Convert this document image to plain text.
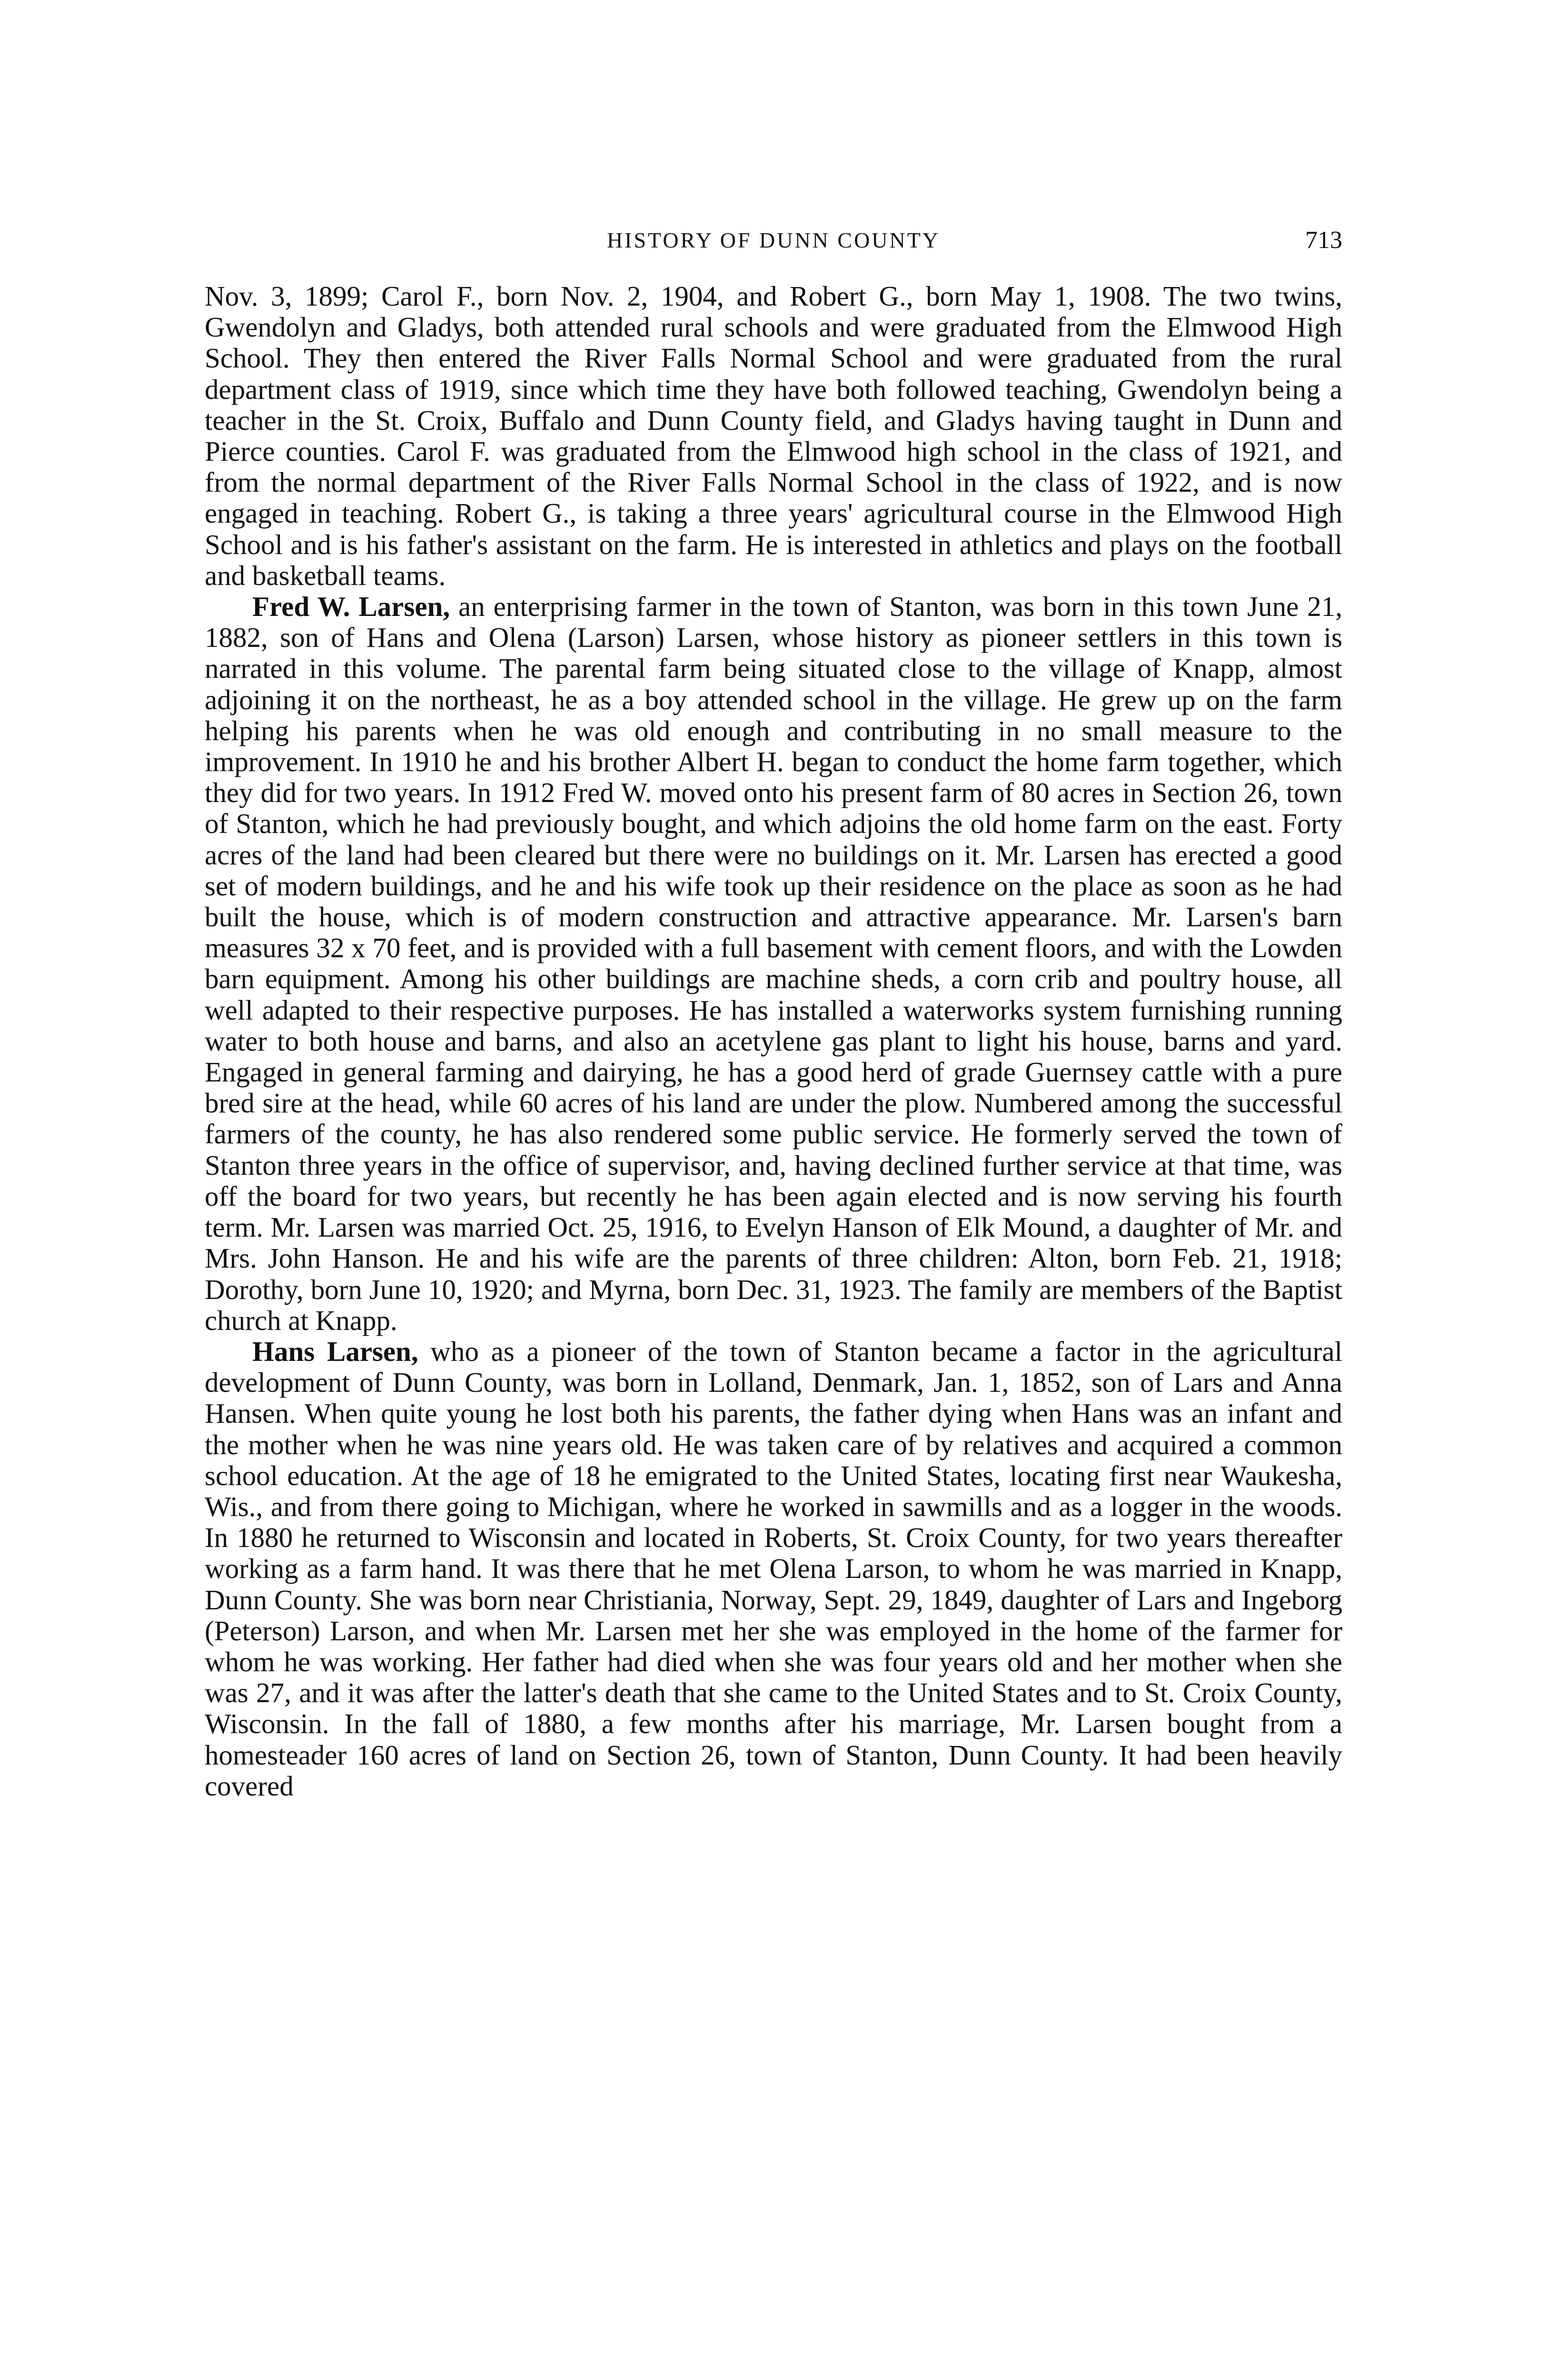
HISTORY OF DUNN COUNTY	713

Nov. 3, 1899; Carol F., born Nov. 2, 1904, and Robert G., born May 1, 1908. The two twins, Gwendolyn and Gladys, both attended rural schools and were graduated from the Elmwood High School. They then entered the River Falls Normal School and were graduated from the rural department class of 1919, since which time they have both followed teaching, Gwendolyn being a teacher in the St. Croix, Buffalo and Dunn County field, and Gladys having taught in Dunn and Pierce counties. Carol F. was graduated from the Elmwood high school in the class of 1921, and from the normal department of the River Falls Normal School in the class of 1922, and is now engaged in teaching. Robert G., is taking a three years' agricultural course in the Elmwood High School and is his father's assistant on the farm. He is interested in athletics and plays on the football and basketball teams.

Fred W. Larsen, an enterprising farmer in the town of Stanton, was born in this town June 21, 1882, son of Hans and Olena (Larson) Larsen, whose history as pioneer settlers in this town is narrated in this volume. The parental farm being situated close to the village of Knapp, almost adjoining it on the northeast, he as a boy attended school in the village. He grew up on the farm helping his parents when he was old enough and contributing in no small measure to the improvement. In 1910 he and his brother Albert H. began to conduct the home farm together, which they did for two years. In 1912 Fred W. moved onto his present farm of 80 acres in Section 26, town of Stanton, which he had previously bought, and which adjoins the old home farm on the east. Forty acres of the land had been cleared but there were no buildings on it. Mr. Larsen has erected a good set of modern buildings, and he and his wife took up their residence on the place as soon as he had built the house, which is of modern construction and attractive appearance. Mr. Larsen's barn measures 32 x 70 feet, and is provided with a full basement with cement floors, and with the Lowden barn equipment. Among his other buildings are machine sheds, a corn crib and poultry house, all well adapted to their respective purposes. He has installed a waterworks system furnishing running water to both house and barns, and also an acetylene gas plant to light his house, barns and yard. Engaged in general farming and dairying, he has a good herd of grade Guernsey cattle with a pure bred sire at the head, while 60 acres of his land are under the plow. Numbered among the successful farmers of the county, he has also rendered some public service. He formerly served the town of Stanton three years in the office of supervisor, and, having declined further service at that time, was off the board for two years, but recently he has been again elected and is now serving his fourth term. Mr. Larsen was married Oct. 25, 1916, to Evelyn Hanson of Elk Mound, a daughter of Mr. and Mrs. John Hanson. He and his wife are the parents of three children: Alton, born Feb. 21, 1918; Dorothy, born June 10, 1920; and Myrna, born Dec. 31, 1923. The family are members of the Baptist church at Knapp.

Hans Larsen, who as a pioneer of the town of Stanton became a factor in the agricultural development of Dunn County, was born in Lolland, Denmark, Jan. 1, 1852, son of Lars and Anna Hansen. When quite young he lost both his parents, the father dying when Hans was an infant and the mother when he was nine years old. He was taken care of by relatives and acquired a common school education. At the age of 18 he emigrated to the United States, locating first near Waukesha, Wis., and from there going to Michigan, where he worked in sawmills and as a logger in the woods. In 1880 he returned to Wisconsin and located in Roberts, St. Croix County, for two years thereafter working as a farm hand. It was there that he met Olena Larson, to whom he was married in Knapp, Dunn County. She was born near Christiania, Norway, Sept. 29, 1849, daughter of Lars and Ingeborg (Peterson) Larson, and when Mr. Larsen met her she was employed in the home of the farmer for whom he was working. Her father had died when she was four years old and her mother when she was 27, and it was after the latter's death that she came to the United States and to St. Croix County, Wisconsin. In the fall of 1880, a few months after his marriage, Mr. Larsen bought from a homesteader 160 acres of land on Section 26, town of Stanton, Dunn County. It had been heavily covered
